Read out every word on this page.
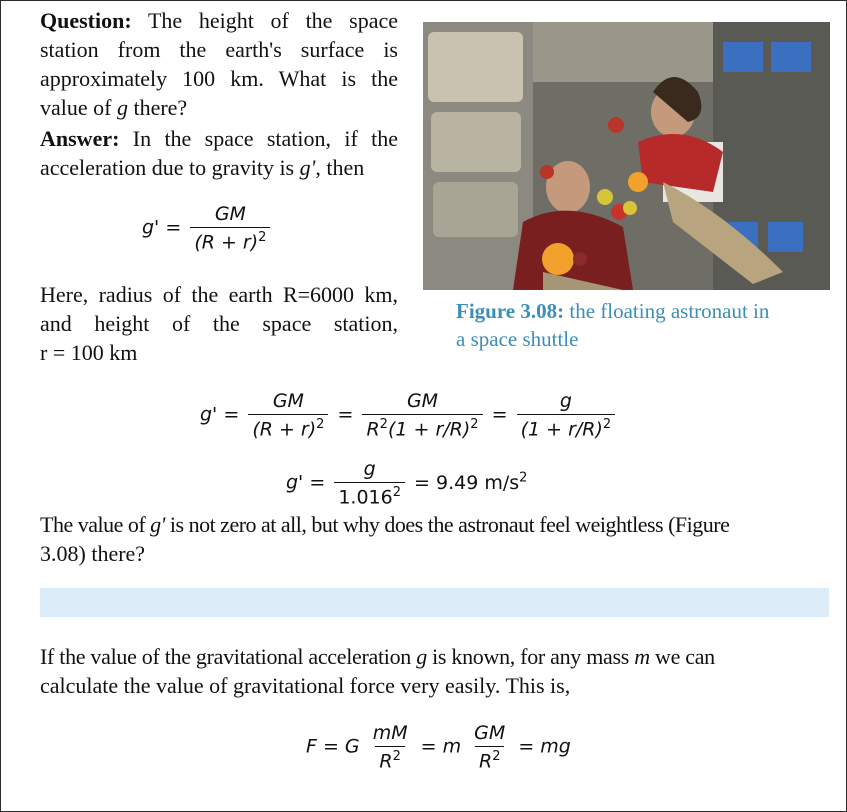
Question: The height of the space
station from the earth's surface is
approximately 100 km. What is the
value of g there?
Answer: In the space station, if the
acceleration due to gravity is g', then
$g' = \frac{GM}{(R + r)^2}$
Here, radius of the earth R=6000 km,
and height of the space station,
r = 100 km
Figure 3.08: the floating astronaut in
a space shuttle
$g' = \frac{GM}{(R + r)^2} = \frac{GM}{R^2(1 + r/R)^2} = \frac{g}{(1 + r/R)^2}$
$g' = \frac{g}{1.016^2} = 9.49$ $m/s^2$
The value of g' is not zero at all, but why does the astronaut feel weightless (Figure
3.08) there?
If the value of the gravitational acceleration g is known, for any mass m we can
calculate the value of gravitational force very easily. This is,
F = G $\frac{mM}{R^2} = m \frac{GM}{R^2}$ = mg
